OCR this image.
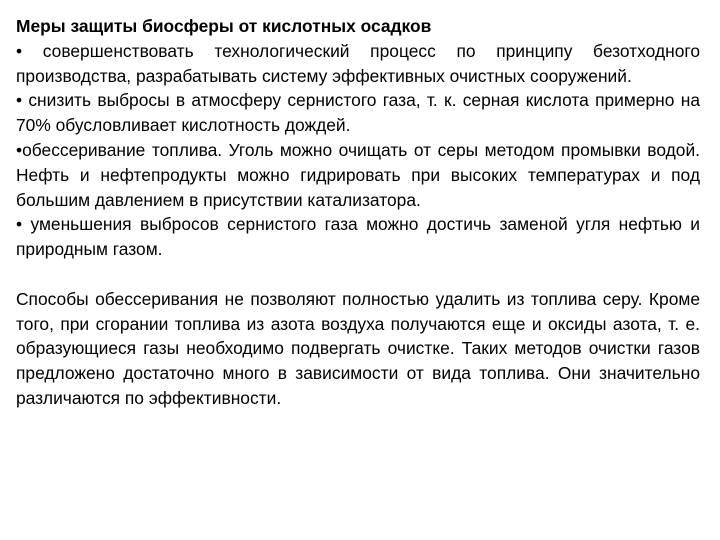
Меры защиты биосферы от кислотных осадков

• совершенствовать технологический процесс по принципу безотходного производства, разрабатывать систему эффективных очистных сооружений.

• снизить выбросы в атмосферу сернистого газа, т. к. серная кислота примерно на 70% обусловливает кислотность дождей.

•обессеривание топлива. Уголь можно очищать от серы методом промывки водой. Нефть и нефтепродукты можно гидрировать при высоких температурах и под большим давлением в присутствии катализатора.

• уменьшения выбросов сернистого газа можно достичь заменой угля нефтью и природным газом.

Способы обессеривания не позволяют полностью удалить из топлива серу. Кроме того, при сгорании топлива из азота воздуха получаются еще и оксиды азота, т. е. образующиеся газы необходимо подвергать очистке. Таких методов очистки газов предложено достаточно много в зависимости от вида топлива. Они значительно различаются по эффективности.
